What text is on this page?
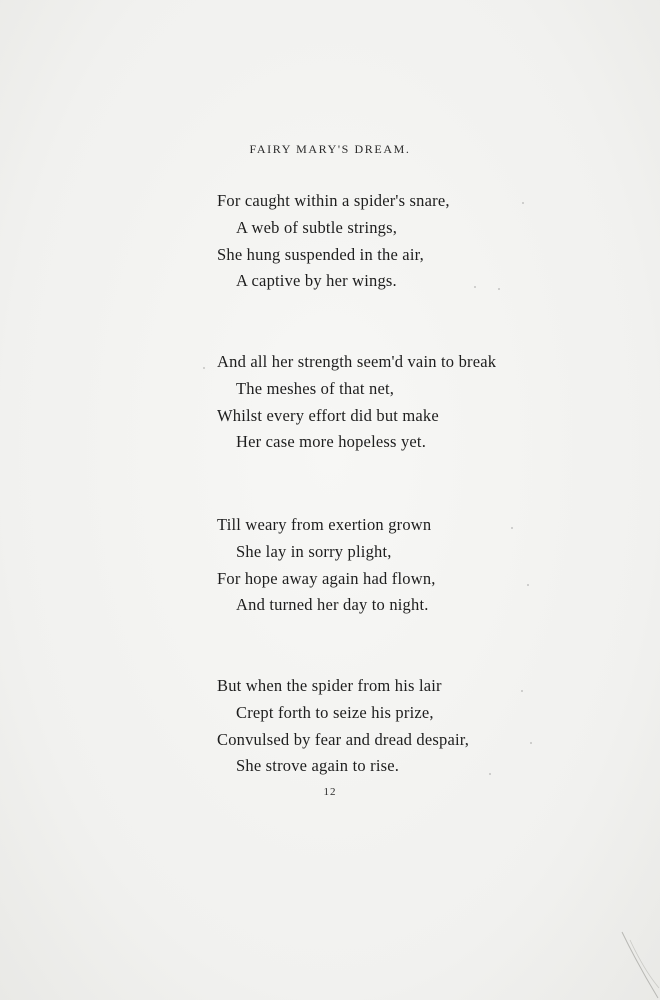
FAIRY MARY'S DREAM.
For caught within a spider's snare,
A web of subtle strings,
She hung suspended in the air,
A captive by her wings.
And all her strength seem'd vain to break
The meshes of that net,
Whilst every effort did but make
Her case more hopeless yet.
Till weary from exertion grown
She lay in sorry plight,
For hope away again had flown,
And turned her day to night.
But when the spider from his lair
Crept forth to seize his prize,
Convulsed by fear and dread despair,
She strove again to rise.
12
